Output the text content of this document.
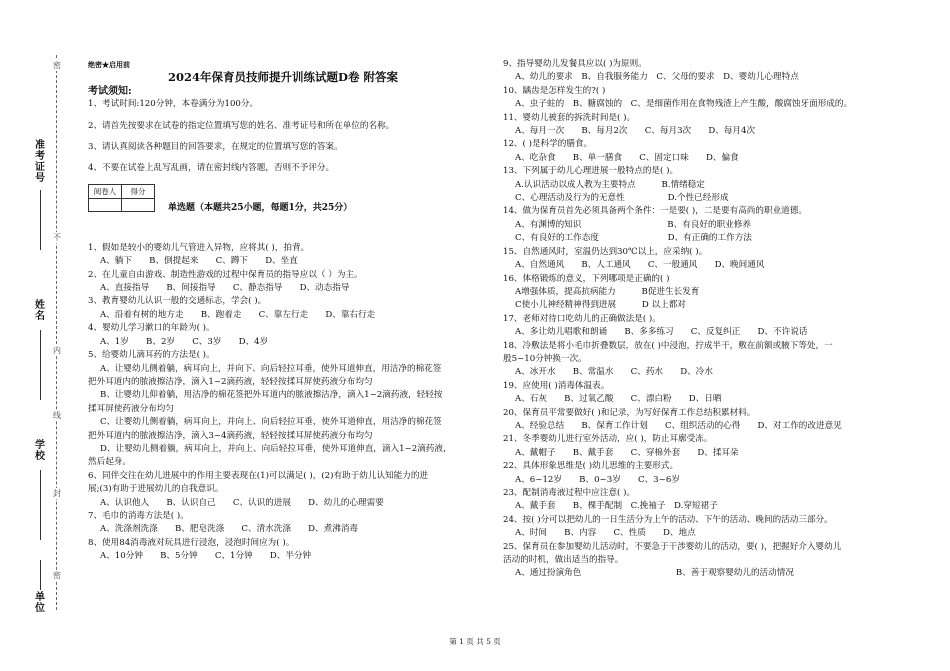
准考证号
姓名
学校
单位
密
不
内
线
封
密

绝密★启用前

2024年保育员技师提升训练试题D卷 附答案

考试须知:

1、考试时间:120分钟，本卷满分为100分。

2、请首先按要求在试卷的指定位置填写您的姓名、准考证号和所在单位的名称。

3、请认真阅读各种题目的回答要求，在规定的位置填写您的答案。

4、不要在试卷上乱写乱画，请在密封线内答题，否则不予评分。

阅卷人	得分

单选题（本题共25小题，每题1分，共25分）

1、假如是较小的婴幼儿气管进入异物，应将其( )，拍背。

A、躺下　　B、倒提起来　　C、蹲下　　D、坐直

2、在儿童自由游戏、制造性游戏的过程中保育员的指导应以（ ）为主。

A、直接指导　　B、间接指导　　C、静态指导　　D、动态指导

3、教育婴幼儿认识一般的交通标志，学会( )。

A、沿着有树的地方走　　B、跑着走　　C、靠左行走　　D、靠右行走

4、婴幼儿学习漱口的年龄为( )。

A、1岁　　B、2岁　　C、3岁　　D、4岁

5、给婴幼儿滴耳药的方法是( )。

A、让婴幼儿侧着躺，病耳向上，并向下、向后轻拉耳垂，使外耳道伸直，用洁净的棉花签

把外耳道内的脓液擦洁净，滴入1~2滴药液，轻轻按揉耳屏使药液分布均匀

B、让婴幼儿仰着躺，用洁净的棉花签把外耳道内的脓液擦洁净，滴入1~2滴药液，轻轻按

揉耳屏使药液分布均匀

C、让婴幼儿侧着躺，病耳向上，并向上、向后轻拉耳垂，使外耳道伸直，用洁净的棉花签

把外耳道内的脓液擦洁净，滴入3~4滴药液，轻轻按揉耳屏使药液分布均匀

D、让婴幼儿侧着躺，病耳向上，并向上、向后轻拉耳垂，使外耳道伸直，滴入1~2滴药液，

然后起身。

6、同伴交往在幼儿进展中的作用主要表现在(1)可以满足( )，(2)有助于幼儿认知能力的进

展;(3)有助于进展幼儿的自我意识。

A、认识他人　　B、认识自己　　C、认识的进展　　D、幼儿的心理需要

7、毛巾的消毒方法是( )。

A、洗涤剂洗涤　　B、肥皂洗涤　　C、清水洗涤　　D、煮沸消毒

8、使用84消毒液对玩具进行浸泡，浸泡时间应为( )。

A、10分钟　　B、5分钟　　C、1分钟　　D、半分钟

9、指导婴幼儿发餐具应以( )为原则。

A、幼儿的要求　B、自我服务能力　C、父母的要求　D、婴幼儿心理特点

10、龋齿是怎样发生的?( )

A、虫子蛀的　B、糖腐蚀的　C、是细菌作用在食物残渣上产生酸，酸腐蚀牙面形成的。

11、婴幼儿被套的拆洗时间是( )。

A、每月一次　　B、每月2次　　C、每月3次　　D、每月4次

12、( )是科学的膳食。

A、吃杂食　　B、单一膳食　　C、固定口味　　D、偏食

13、下列属于幼儿心理进展一般特点的是( )。

A.认识活动以成人教为主要特点　　　B.情绪稳定

C、心理活动及行为的无意性　　　　　D.个性已经形成

14、做为保育员首先必须具备两个条件：一是要( )，二是要有高尚的职业道德。

A、有渊博的知识　　　　　　　　　　B、有良好的职业修养

C、有良好的工作态度　　　　　　　　D、有正确的工作方法

15、自然通风时，室温仍达到30℃以上，应采纳( )。

A、自然通风　　B、人工通风　　C、一般通风　　D、晚间通风

16、体格锻炼的意义，下列哪项是正确的( )

A增强体质，提高抗病能力　　　B促进生长发育

C使小儿神经精神得到进展　　　D 以上都对

17、老师对待口吃幼儿的正确做法是( )。

A、多让幼儿唱歌和朗诵　　B、多多练习　　C、反复纠正　　D、不许说话

18、冷敷法是将小毛巾折叠数层，放在( )中浸泡，拧成半干，敷在前额或腋下等处，一

般5~10分钟换一次。

A、冰开水　　B、常温水　　C、药水　　D、冷水

19、应使用( )消毒体温表。

A、石灰　　B、过氧乙酸　　C、漂白粉　　D、日晒

20、保育员平常要做好( )和记录，为写好保育工作总结积累材料。

A、经验总结　　B、保育工作计划　　C、组织活动的心得　　D、对工作的改进意见

21、冬季婴幼儿进行室外活动，应( )，防止耳廓受冻。

A、戴帽子　　B、戴手套　　C、穿棉外套　　D、揉耳朵

22、具体形象思维是( )幼儿思维的主要形式。

A、6~12岁　　B、0~3岁　　C、3~6岁

23、配制消毒液过程中应注意( )。

A、戴手套　　B、棵手配制　C.挽袖子　D.穿短裙子

24、按( )分可以把幼儿的一日生活分为上午的活动、下午的活动、晚间的活动三部分。

A、时间　　B、内容　　C、性质　　D、地点

25、保育员在参加婴幼儿活动时，不要急于干涉婴幼儿的活动，要( )，把握好介入婴幼儿

活动的时机，做出适当的指导。

A、通过扮演角色　　　　　　　　　　　B、善于观察婴幼儿的活动情况

第 1 页 共 5 页
